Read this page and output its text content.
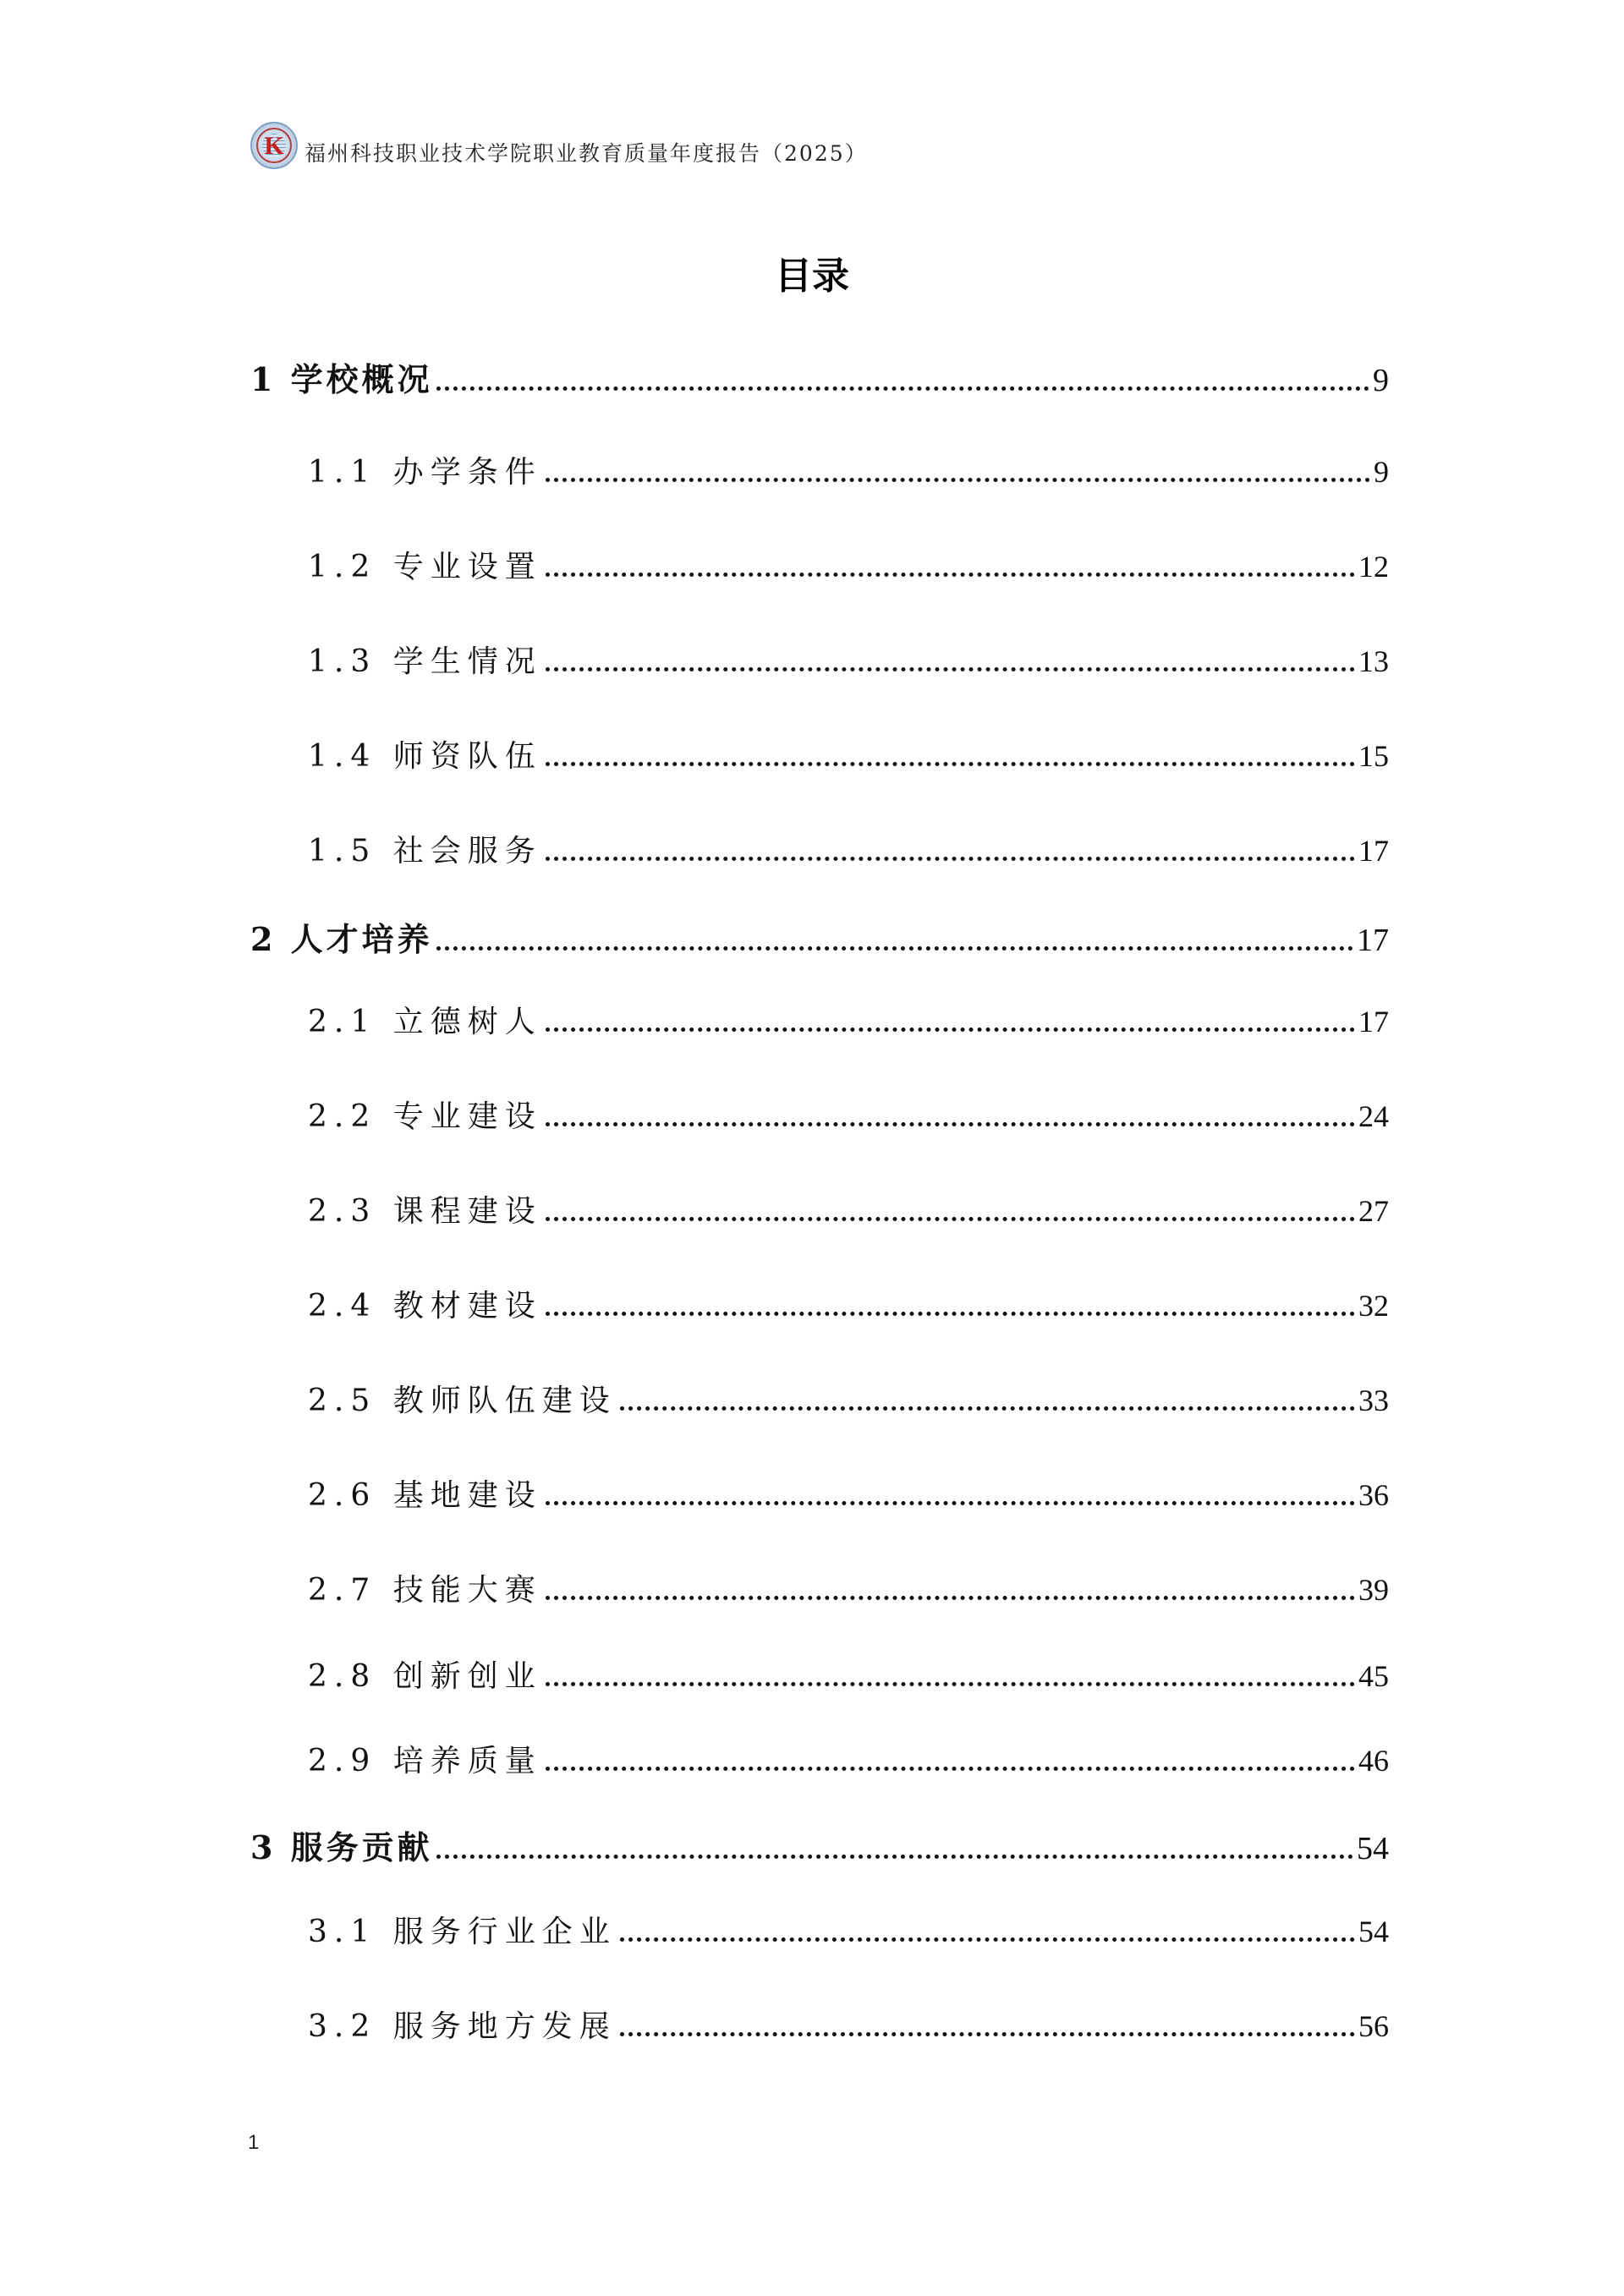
K 福州科技职业技术学院职业教育质量年度报告（2025）
目录
1 学校概况	9
1.1 办学条件	9
1.2 专业设置	12
1.3 学生情况	13
1.4 师资队伍	15
1.5 社会服务	17
2 人才培养	17
2.1 立德树人	17
2.2 专业建设	24
2.3 课程建设	27
2.4 教材建设	32
2.5 教师队伍建设	33
2.6 基地建设	36
2.7 技能大赛	39
2.8 创新创业	45
2.9 培养质量	46
3 服务贡献	54
3.1 服务行业企业	54
3.2 服务地方发展	56
1
